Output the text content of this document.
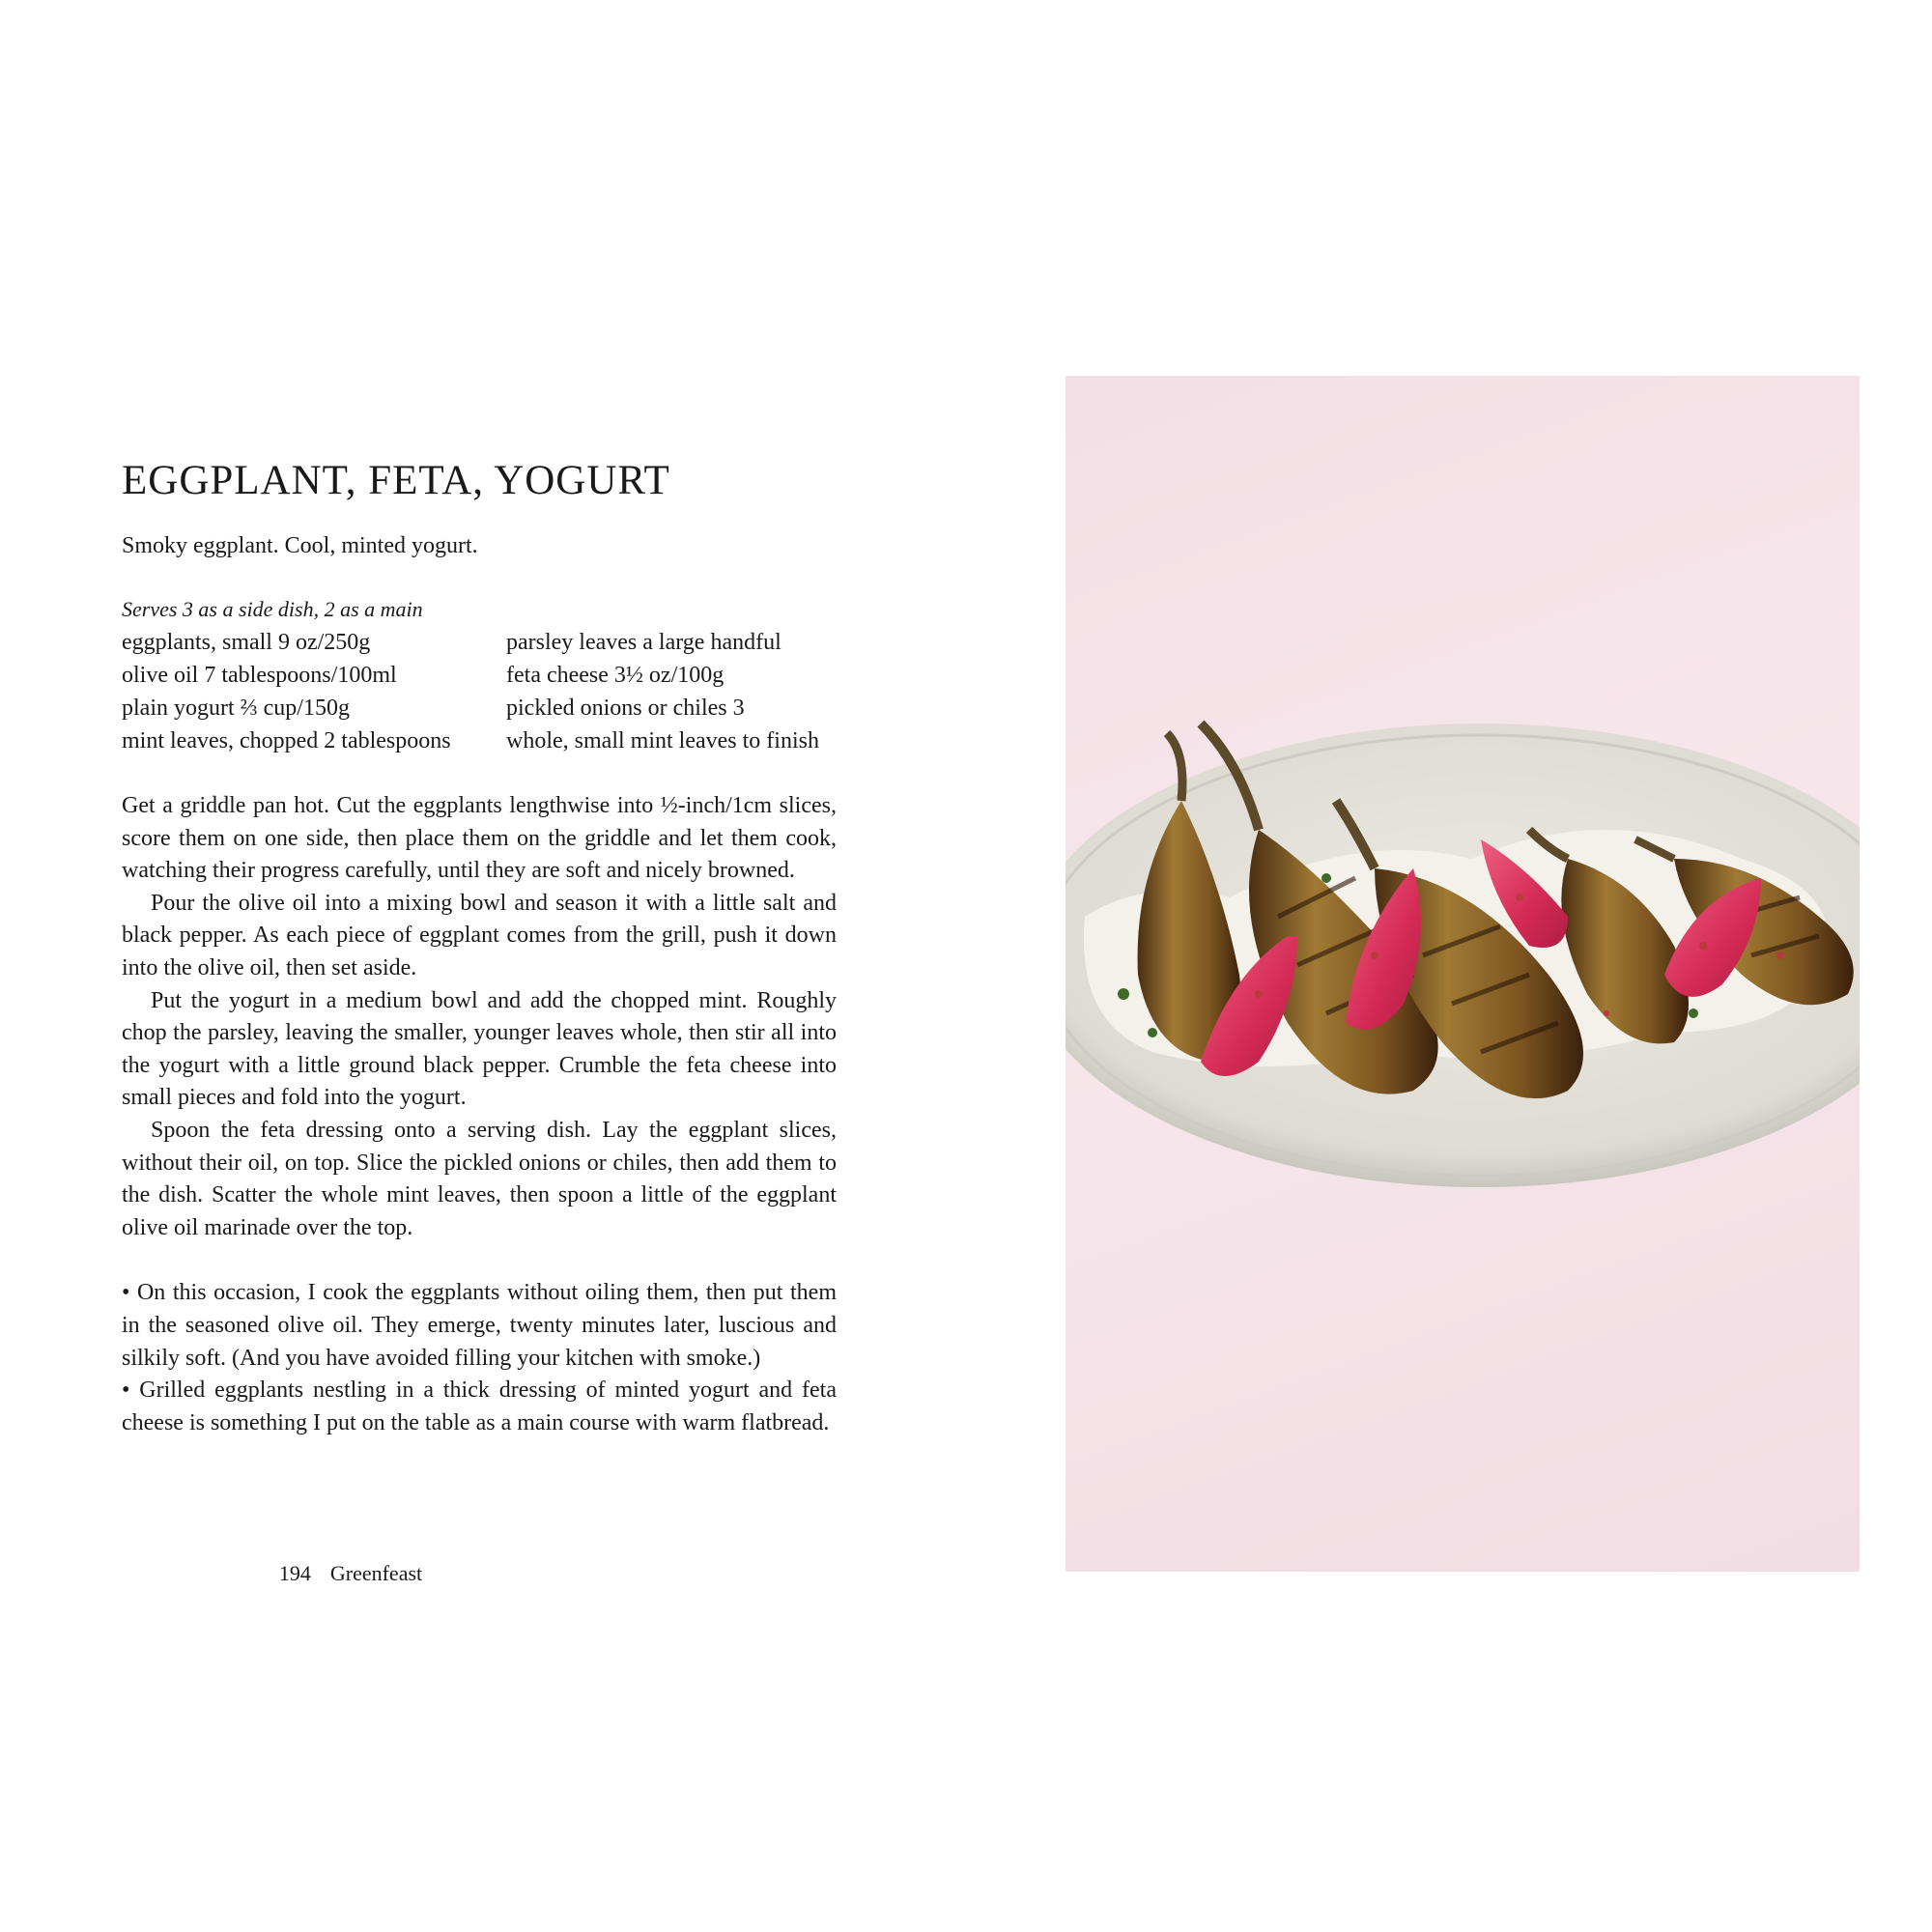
EGGPLANT, FETA, YOGURT

Smoky eggplant. Cool, minted yogurt.

Serves 3 as a side dish, 2 as a main

eggplants, small 9 oz/250g
olive oil 7 tablespoons/100ml
plain yogurt ⅔ cup/150g
mint leaves, chopped 2 tablespoons
parsley leaves a large handful
feta cheese 3½ oz/100g
pickled onions or chiles 3
whole, small mint leaves to finish

Get a griddle pan hot. Cut the eggplants lengthwise into ½-inch/1cm slices, score them on one side, then place them on the griddle and let them cook, watching their progress carefully, until they are soft and nicely browned.

Pour the olive oil into a mixing bowl and season it with a little salt and black pepper. As each piece of eggplant comes from the grill, push it down into the olive oil, then set aside.

Put the yogurt in a medium bowl and add the chopped mint. Roughly chop the parsley, leaving the smaller, younger leaves whole, then stir all into the yogurt with a little ground black pepper. Crumble the feta cheese into small pieces and fold into the yogurt.

Spoon the feta dressing onto a serving dish. Lay the eggplant slices, without their oil, on top. Slice the pickled onions or chiles, then add them to the dish. Scatter the whole mint leaves, then spoon a little of the eggplant olive oil marinade over the top.

• On this occasion, I cook the eggplants without oiling them, then put them in the seasoned olive oil. They emerge, twenty minutes later, luscious and silkily soft. (And you have avoided filling your kitchen with smoke.)

• Grilled eggplants nestling in a thick dressing of minted yogurt and feta cheese is something I put on the table as a main course with warm flatbread.

194 Greenfeast
